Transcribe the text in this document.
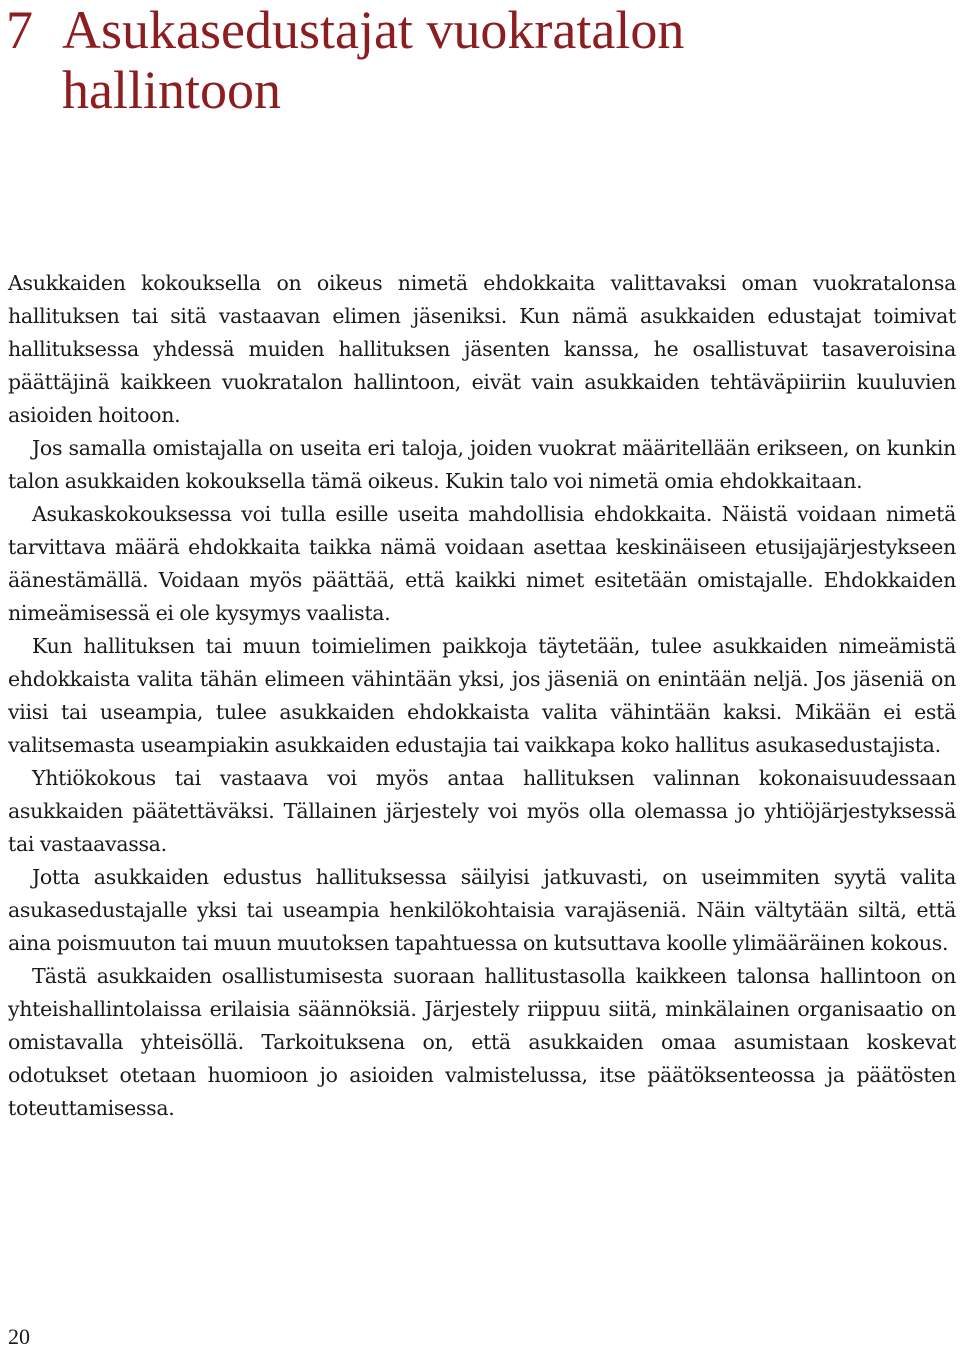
7 Asukasedustajat vuokratalon hallintoon

Asukkaiden kokouksella on oikeus nimetä ehdokkaita valittavaksi oman vuokratalonsa hallituksen tai sitä vastaavan elimen jäseniksi. Kun nämä asukkaiden edustajat toimivat hallituksessa yhdessä muiden hallituksen jäsenten kanssa, he osallistuvat tasaveroisina päättäjinä kaikkeen vuokratalon hallintoon, eivät vain asukkaiden tehtäväpiiriin kuuluvien asioiden hoitoon.

Jos samalla omistajalla on useita eri taloja, joiden vuokrat määritellään erikseen, on kunkin talon asukkaiden kokouksella tämä oikeus. Kukin talo voi nimetä omia ehdokkaitaan.

Asukaskokouksessa voi tulla esille useita mahdollisia ehdokkaita. Näistä voidaan nimetä tarvittava määrä ehdokkaita taikka nämä voidaan asettaa keskinäiseen etusijajärjestykseen äänestämällä. Voidaan myös päättää, että kaikki nimet esitetään omistajalle. Ehdokkaiden nimeämisessä ei ole kysymys vaalista.

Kun hallituksen tai muun toimielimen paikkoja täytetään, tulee asukkaiden nimeämistä ehdokkaista valita tähän elimeen vähintään yksi, jos jäseniä on enintään neljä. Jos jäseniä on viisi tai useampia, tulee asukkaiden ehdokkaista valita vähintään kaksi. Mikään ei estä valitsemasta useampiakin asukkaiden edustajia tai vaikkapa koko hallitus asukasedustajista.

Yhtiökokous tai vastaava voi myös antaa hallituksen valinnan kokonaisuudessaan asukkaiden päätettäväksi. Tällainen järjestely voi myös olla olemassa jo yhtiöjärjestyksessä tai vastaavassa.

Jotta asukkaiden edustus hallituksessa säilyisi jatkuvasti, on useimmiten syytä valita asukasedustajalle yksi tai useampia henkilökohtaisia varajäseniä. Näin vältytään siltä, että aina poismuuton tai muun muutoksen tapahtuessa on kutsuttava koolle ylimääräinen kokous.

Tästä asukkaiden osallistumisesta suoraan hallitustasolla kaikkeen talonsa hallintoon on yhteishallintolaissa erilaisia säännöksiä. Järjestely riippuu siitä, minkälainen organisaatio on omistavalla yhteisöllä. Tarkoituksena on, että asukkaiden omaa asumistaan koskevat odotukset otetaan huomioon jo asioiden valmistelussa, itse päätöksenteossa ja päätösten toteuttamisessa.

20
